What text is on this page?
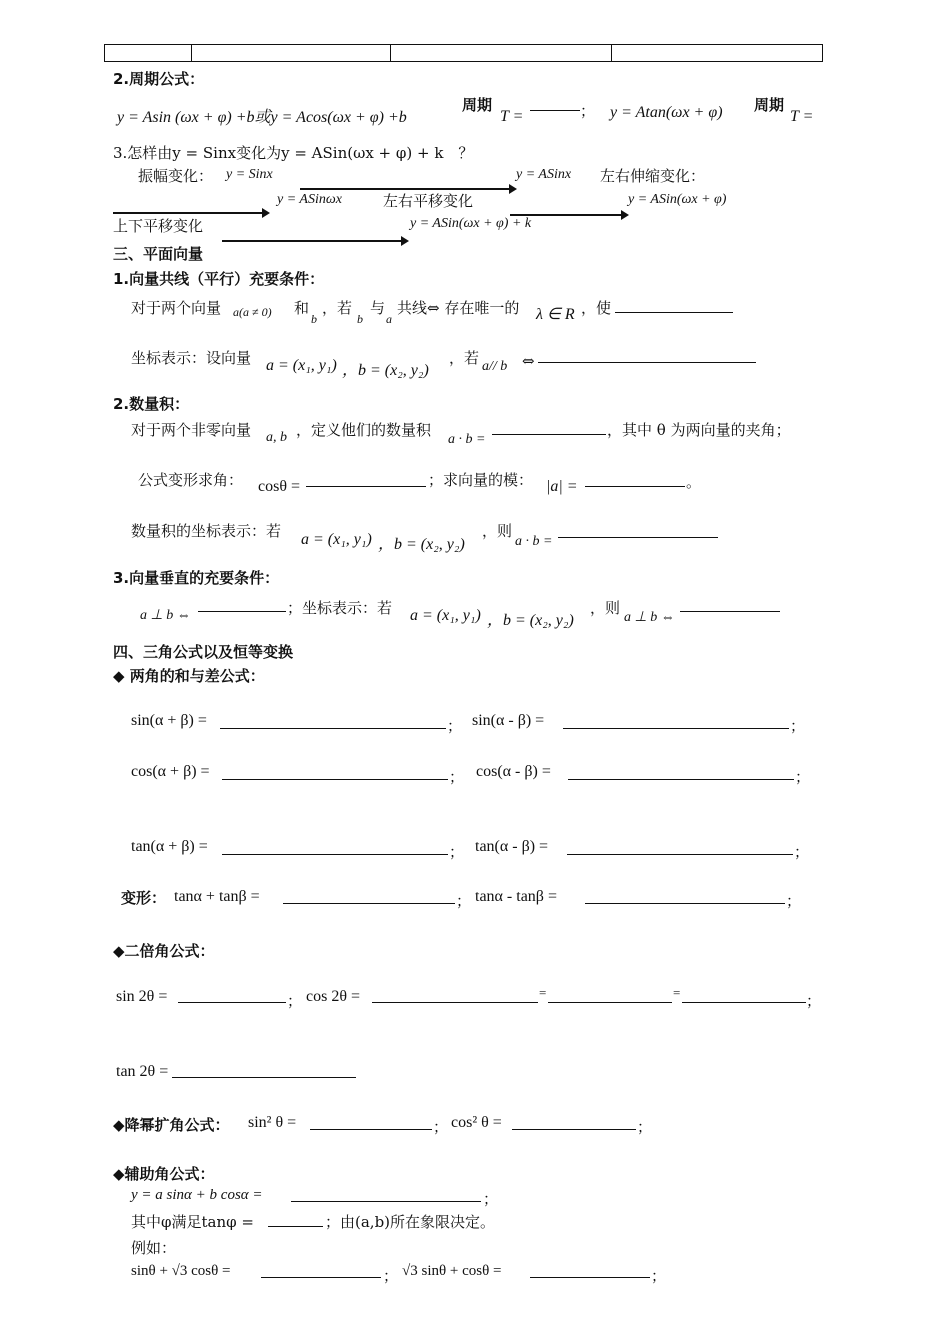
2.周期公式：
y = Asin (ωx + φ) +b或y = Acos(ωx + φ) +b
周期
T =	； y = Atan(ωx + φ) 周期
T =
3.怎样由y = Sinx变化为y = ASin(ωx + φ) + k　？
振幅变化： y = Sinx	y = ASinx 左右伸缩变化：
y = ASinωx	左右平移变化	y = ASin(ωx + φ)
上下平移变化	y = ASin(ωx + φ) + k
三、平面向量
1.向量共线（平行）充要条件：
对于两个向量 a(a ≠ 0) 和
b
，若
b
与
a
共线⇔ 存在唯一的 λ ∈ R ，使
坐标表示：设向量 a = (x₁, y₁) ，b = (x₂, y₂)
，若 a// b ⇔
2.数量积：
对于两个非零向量 a, b ，定义他们的数量积
a · b =
，其中 θ 为两向量的夹角；
公式变形求角： cosθ =	；求向量的模： |a| =	。
数量积的坐标表示：若 a = (x₁, y₁) ，b = (x₂, y₂)
，则
a · b =
3.向量垂直的充要条件：
a ⊥ b ⇔	；坐标表示：若 a = (x₁, y₁) ，b = (x₂, y₂)
，则
a ⊥ b ⇔
四、三角公式以及恒等变换
◆ 两角的和与差公式：
sin(α + β) =	； sin(α - β) =	；
cos(α + β) =	； cos(α - β) =	；
tan(α + β) =	； tan(α - β) =	；
变形： tanα + tanβ =	； tanα - tanβ =	；
◆二倍角公式：
sin 2θ =	； cos 2θ =	=	=	；
tan 2θ =
◆降幂扩角公式： sin² θ =	； cos² θ =	；
◆辅助角公式：
y = a sinα + b cosα =	；
其中φ满足tanφ =	；由(a,b)所在象限决定。
例如：
sinθ + √3 cosθ =	； √3 sinθ + cosθ =	；
